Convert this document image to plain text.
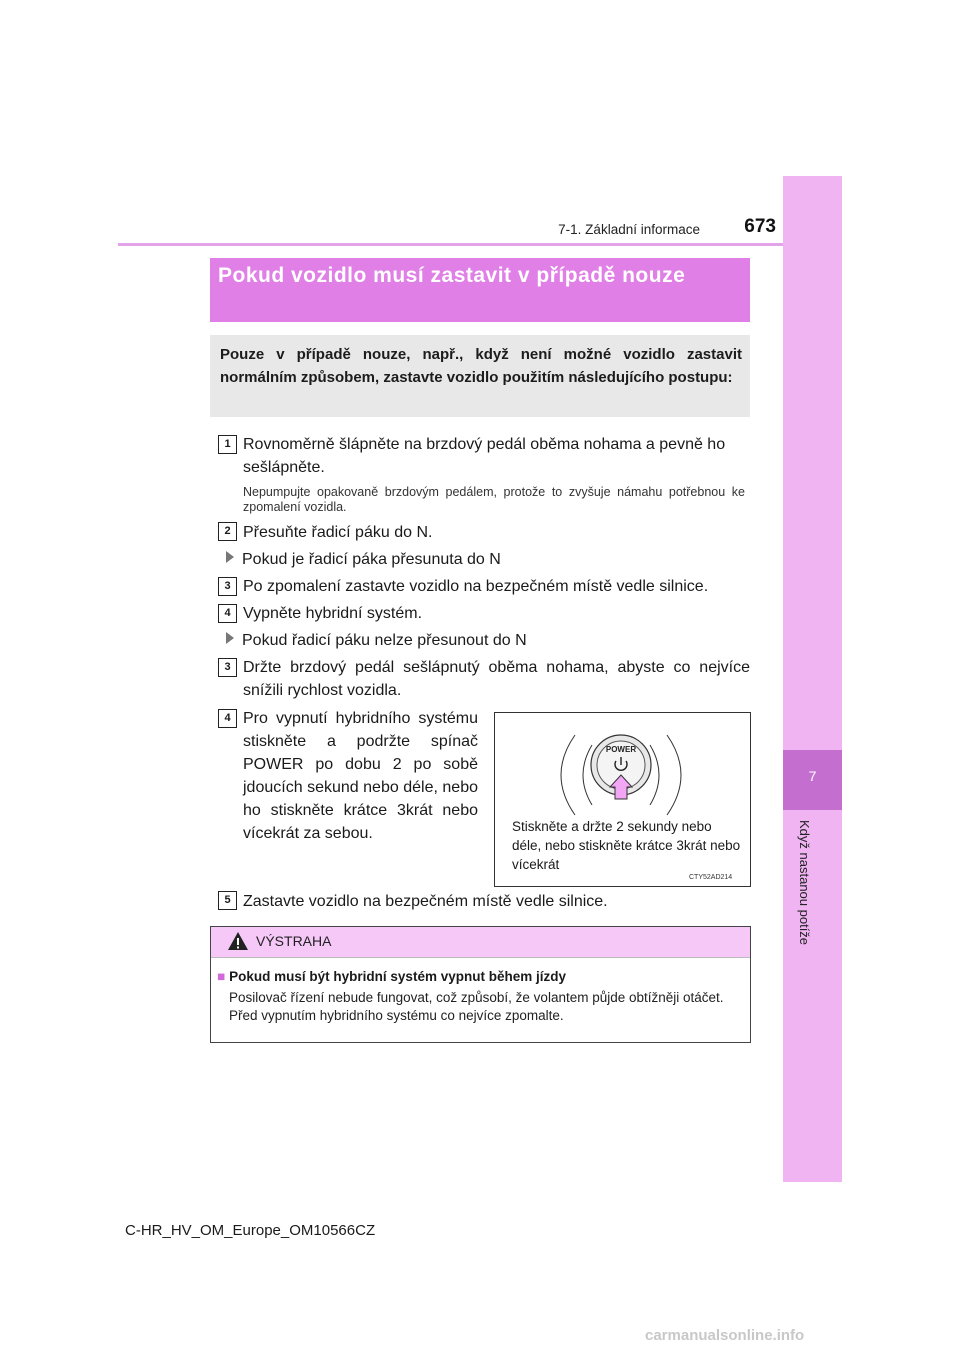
7
Když nastanou potíže
7-1. Základní informace	673
Pokud vozidlo musí zastavit v případě nouze
Pouze v případě nouze, např., když není možné vozidlo zastavit normálním způsobem, zastavte vozidlo použitím následujícího postupu:
1 Rovnoměrně šlápněte na brzdový pedál oběma nohama a pevně ho sešlápněte.
Nepumpujte opakovaně brzdovým pedálem, protože to zvyšuje námahu potřebnou ke zpomalení vozidla.
2 Přesuňte řadicí páku do N.
Pokud je řadicí páka přesunuta do N
3 Po zpomalení zastavte vozidlo na bezpečném místě vedle silnice.
4 Vypněte hybridní systém.
Pokud řadicí páku nelze přesunout do N
3 Držte brzdový pedál sešlápnutý oběma nohama, abyste co nejvíce snížili rychlost vozidla.
4 Pro vypnutí hybridního systému stiskněte a podržte spínač POWER po dobu 2 po sobě jdoucích sekund nebo déle, nebo ho stiskněte krátce 3krát nebo vícekrát za sebou.
POWER
Stiskněte a držte 2 sekundy nebo déle, nebo stiskněte krátce 3krát nebo vícekrát
CTY52AD214
5 Zastavte vozidlo na bezpečném místě vedle silnice.
VÝSTRAHA
■ Pokud musí být hybridní systém vypnut během jízdy
Posilovač řízení nebude fungovat, což způsobí, že volantem půjde obtížněji otáčet. Před vypnutím hybridního systému co nejvíce zpomalte.
C-HR_HV_OM_Europe_OM10566CZ
carmanualsonline.info
